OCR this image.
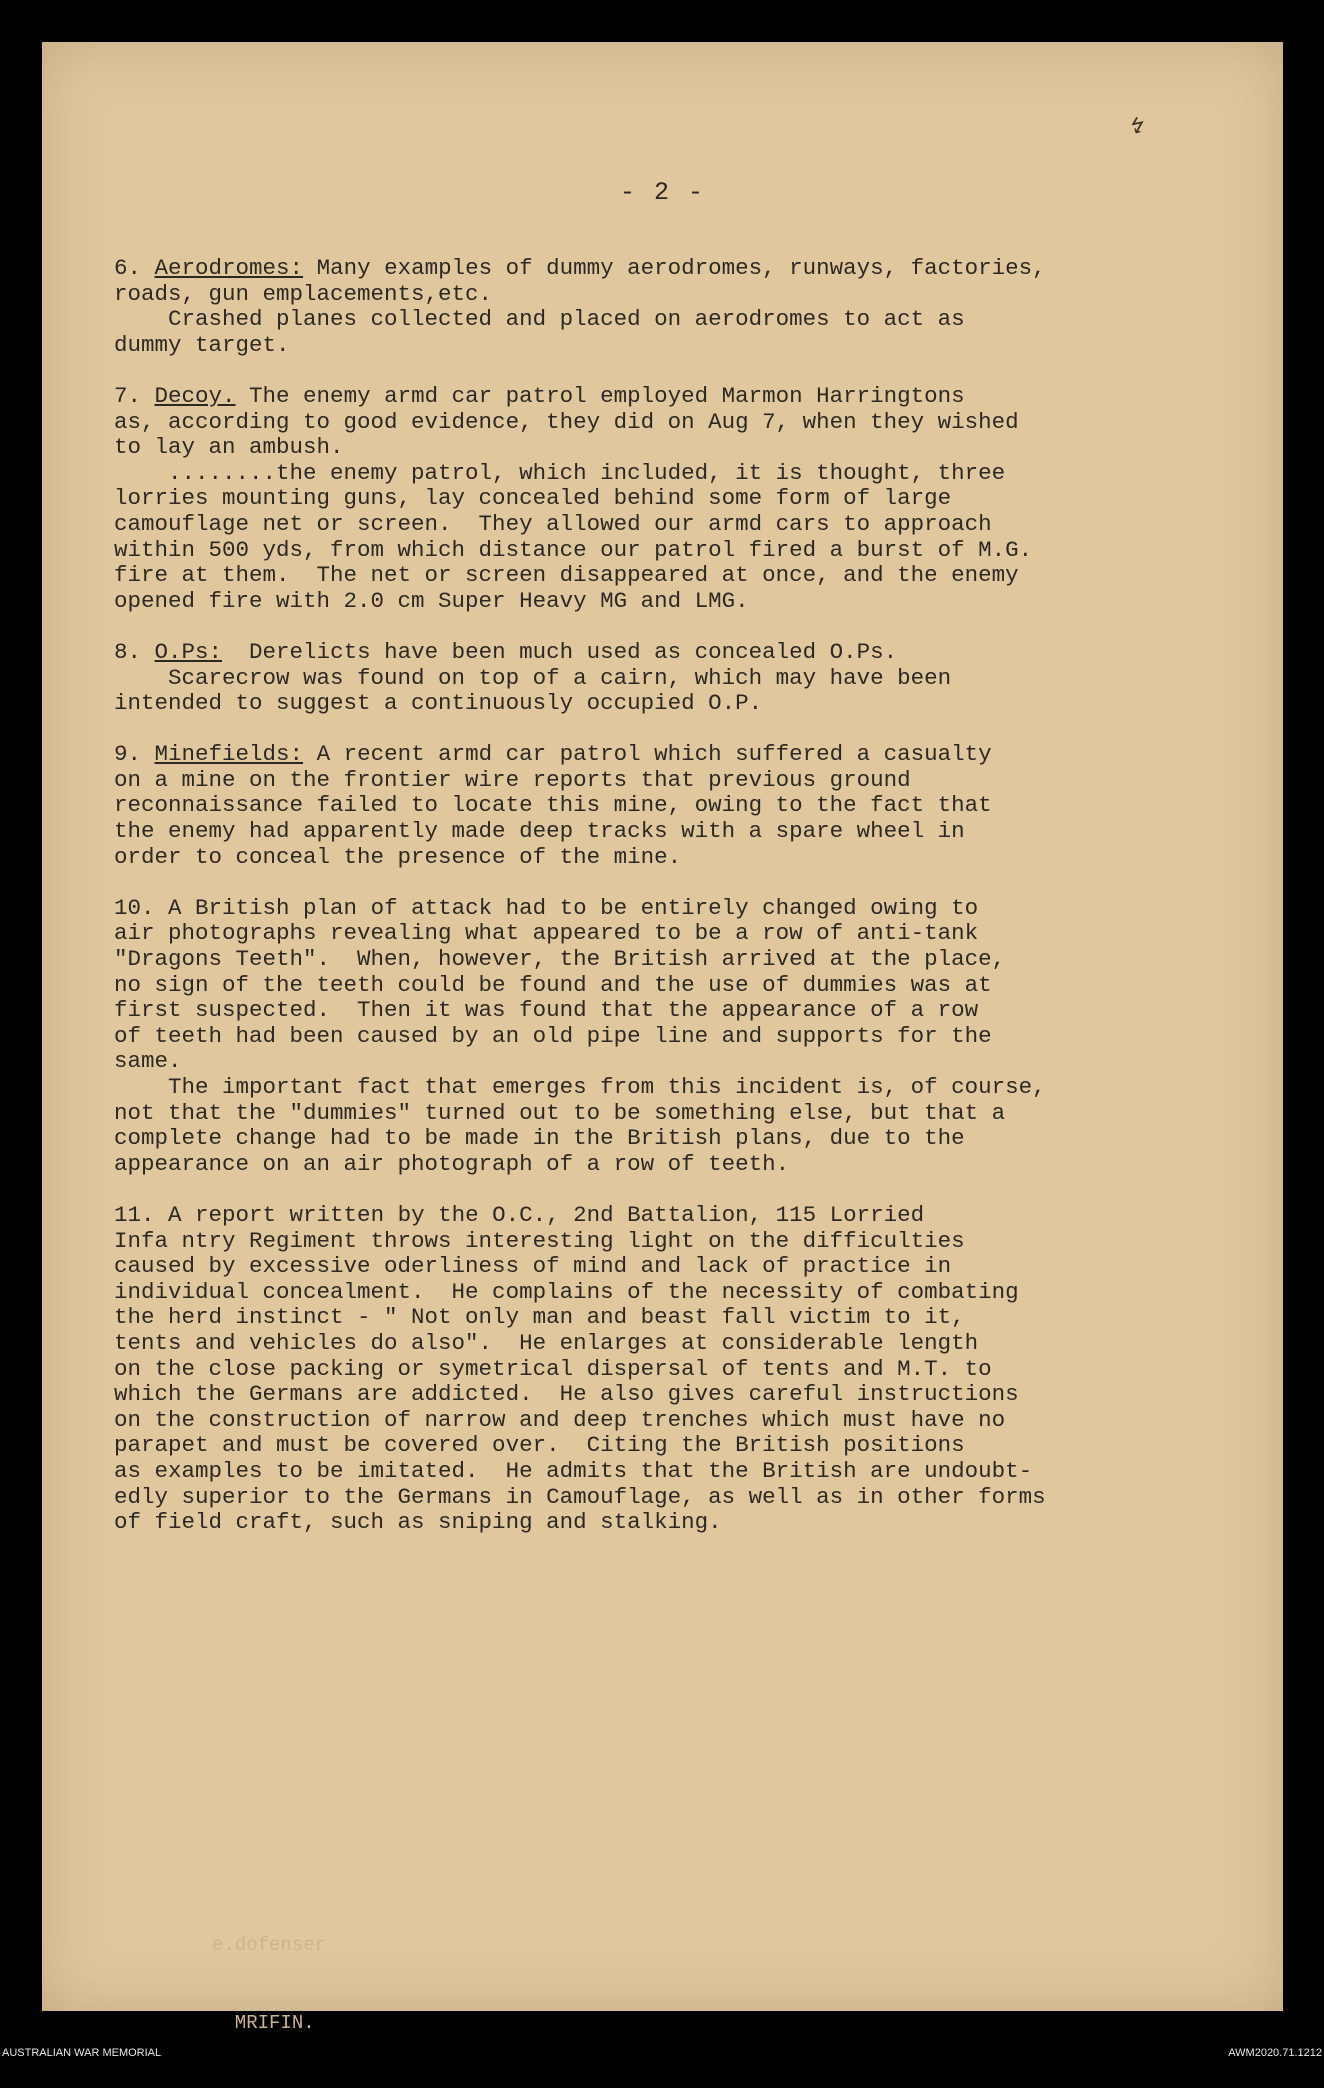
- 2 -
↯

6. Aerodromes: Many examples of dummy aerodromes, runways, factories,

roads, gun emplacements,etc.

Crashed planes collected and placed on aerodromes to act as

dummy target.

7. Decoy. The enemy armd car patrol employed Marmon Harringtons

as, according to good evidence, they did on Aug 7, when they wished

to lay an ambush.

........the enemy patrol, which included, it is thought, three

lorries mounting guns, lay concealed behind some form of large

camouflage net or screen.  They allowed our armd cars to approach

within 500 yds, from which distance our patrol fired a burst of M.G.

fire at them.  The net or screen disappeared at once, and the enemy

opened fire with 2.0 cm Super Heavy MG and LMG.

8. O.Ps:  Derelicts have been much used as concealed O.Ps.

Scarecrow was found on top of a cairn, which may have been

intended to suggest a continuously occupied O.P.

9. Minefields: A recent armd car patrol which suffered a casualty

on a mine on the frontier wire reports that previous ground

reconnaissance failed to locate this mine, owing to the fact that

the enemy had apparently made deep tracks with a spare wheel in

order to conceal the presence of the mine.

10. A British plan of attack had to be entirely changed owing to

air photographs revealing what appeared to be a row of anti-tank

"Dragons Teeth".  When, however, the British arrived at the place,

no sign of the teeth could be found and the use of dummies was at

first suspected.  Then it was found that the appearance of a row

of teeth had been caused by an old pipe line and supports for the

same.

The important fact that emerges from this incident is, of course,

not that the "dummies" turned out to be something else, but that a

complete change had to be made in the British plans, due to the

appearance on an air photograph of a row of teeth.

11. A report written by the O.C., 2nd Battalion, 115 Lorried

Infa ntry Regiment throws interesting light on the difficulties

caused by excessive oderliness of mind and lack of practice in

individual concealment.  He complains of the necessity of combating

the herd instinct - " Not only man and beast fall victim to it,

tents and vehicles do also".  He enlarges at considerable length

on the close packing or symetrical dispersal of tents and M.T. to

which the Germans are addicted.  He also gives careful instructions

on the construction of narrow and deep trenches which must have no

parapet and must be covered over.  Citing the British positions

as examples to be imitated.  He admits that the British are undoubt-

edly superior to the Germans in Camouflage, as well as in other forms

of field craft, such as sniping and stalking.

e.dofenser

MRIFIN.

AUSTRALIAN WAR MEMORIAL	AWM2020.71.1212
